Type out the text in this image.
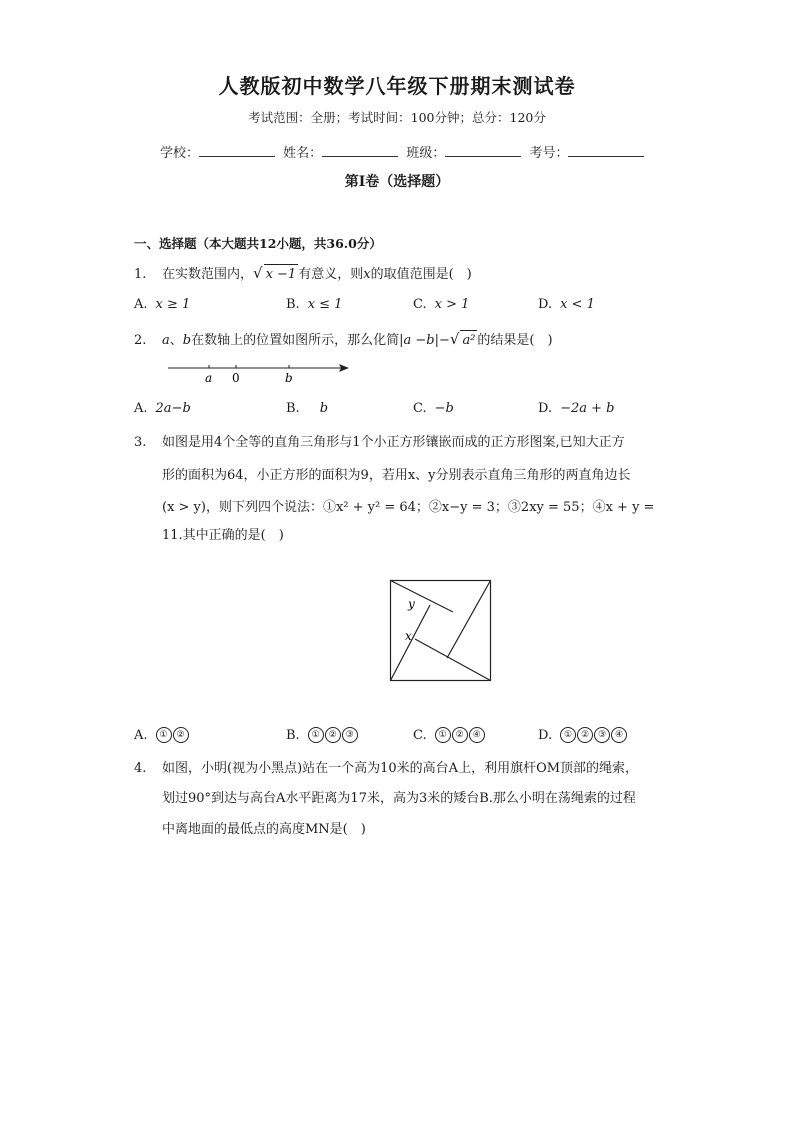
人教版初中数学八年级下册期末测试卷
考试范围：全册；考试时间：100分钟；总分：120分
学校：	姓名：	班级：	考号：
第I卷（选择题）
一、选择题（本大题共12小题，共36.0分）
1. 在实数范围内，√ x −1 有意义，则x的取值范围是(　)
A. x ≥ 1	B. x ≤ 1	C. x > 1	D. x < 1
2. a、b在数轴上的位置如图所示，那么化简|a −b|−√ a² 的结果是(　)
a 0	b
A. 2a−b	B. b	C. −b	D. −2a + b
3. 如图是用4个全等的直角三角形与1个小正方形镶嵌而成的正方形图案,已知大正方
形的面积为64，小正方形的面积为9，若用x、y分别表示直角三角形的两直角边长
(x > y)，则下列四个说法：①x² + y² = 64；②x−y = 3；③2xy = 55；④x + y =
11.其中正确的是(　)
y
x
A. ① ②	B. ① ② ③	C. ① ② ④	D. ① ② ③ ④
4. 如图，小明(视为小黑点)站在一个高为10米的高台A上，利用旗杆OM顶部的绳索，
划过90°到达与高台A水平距离为17米，高为3米的矮台B.那么小明在荡绳索的过程
中离地面的最低点的高度MN是(　)
